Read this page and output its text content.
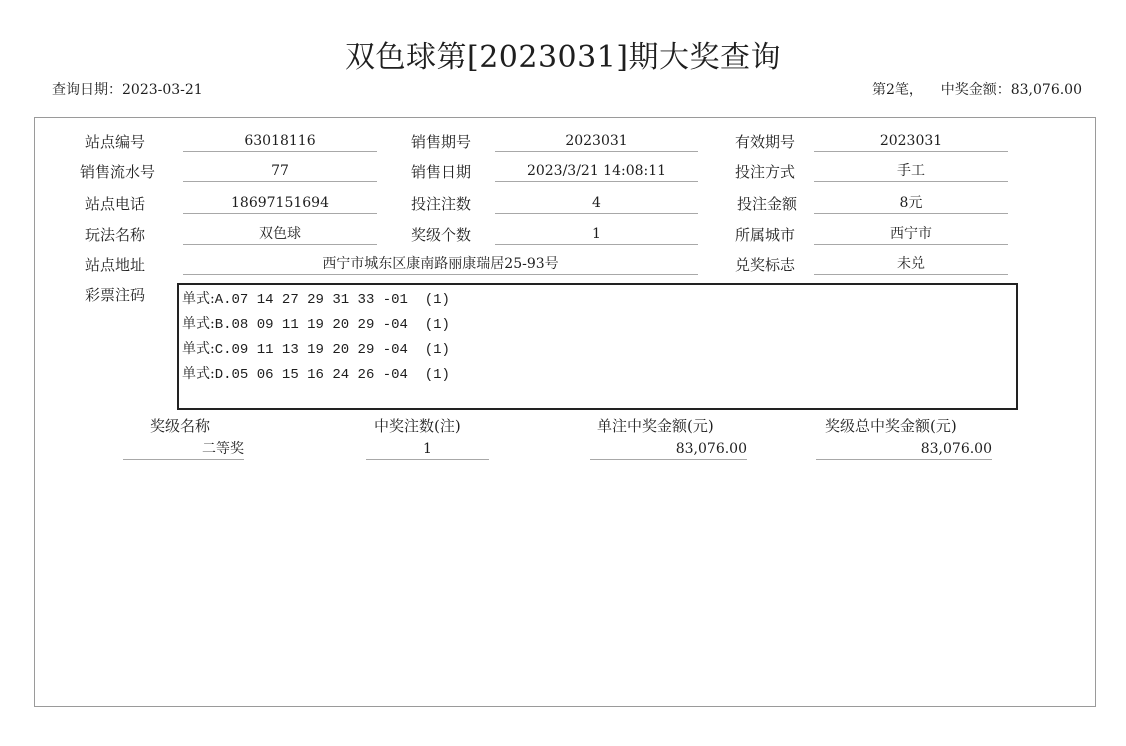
双色球第[2023031]期大奖查询
查询日期：2023-03-21	第2笔， 中奖金额：83,076.00
站点编号	63018116	销售期号	2023031	有效期号	2023031
销售流水号	77	销售日期	2023/3/21 14:08:11	投注方式	手工
站点电话	18697151694	投注注数	4	投注金额	8元
玩法名称	双色球	奖级个数	1	所属城市	西宁市
站点地址	西宁市城东区康南路丽康瑞居25-93号	兑奖标志	未兑
彩票注码	单式:A.07 14 27 29 31 33 -01  (1)
单式:B.08 09 11 19 20 29 -04  (1)
单式:C.09 11 13 19 20 29 -04  (1)
单式:D.05 06 15 16 24 26 -04  (1)
奖级名称	中奖注数(注)	单注中奖金额(元)	奖级总中奖金额(元)
二等奖	1	83,076.00	83,076.00
